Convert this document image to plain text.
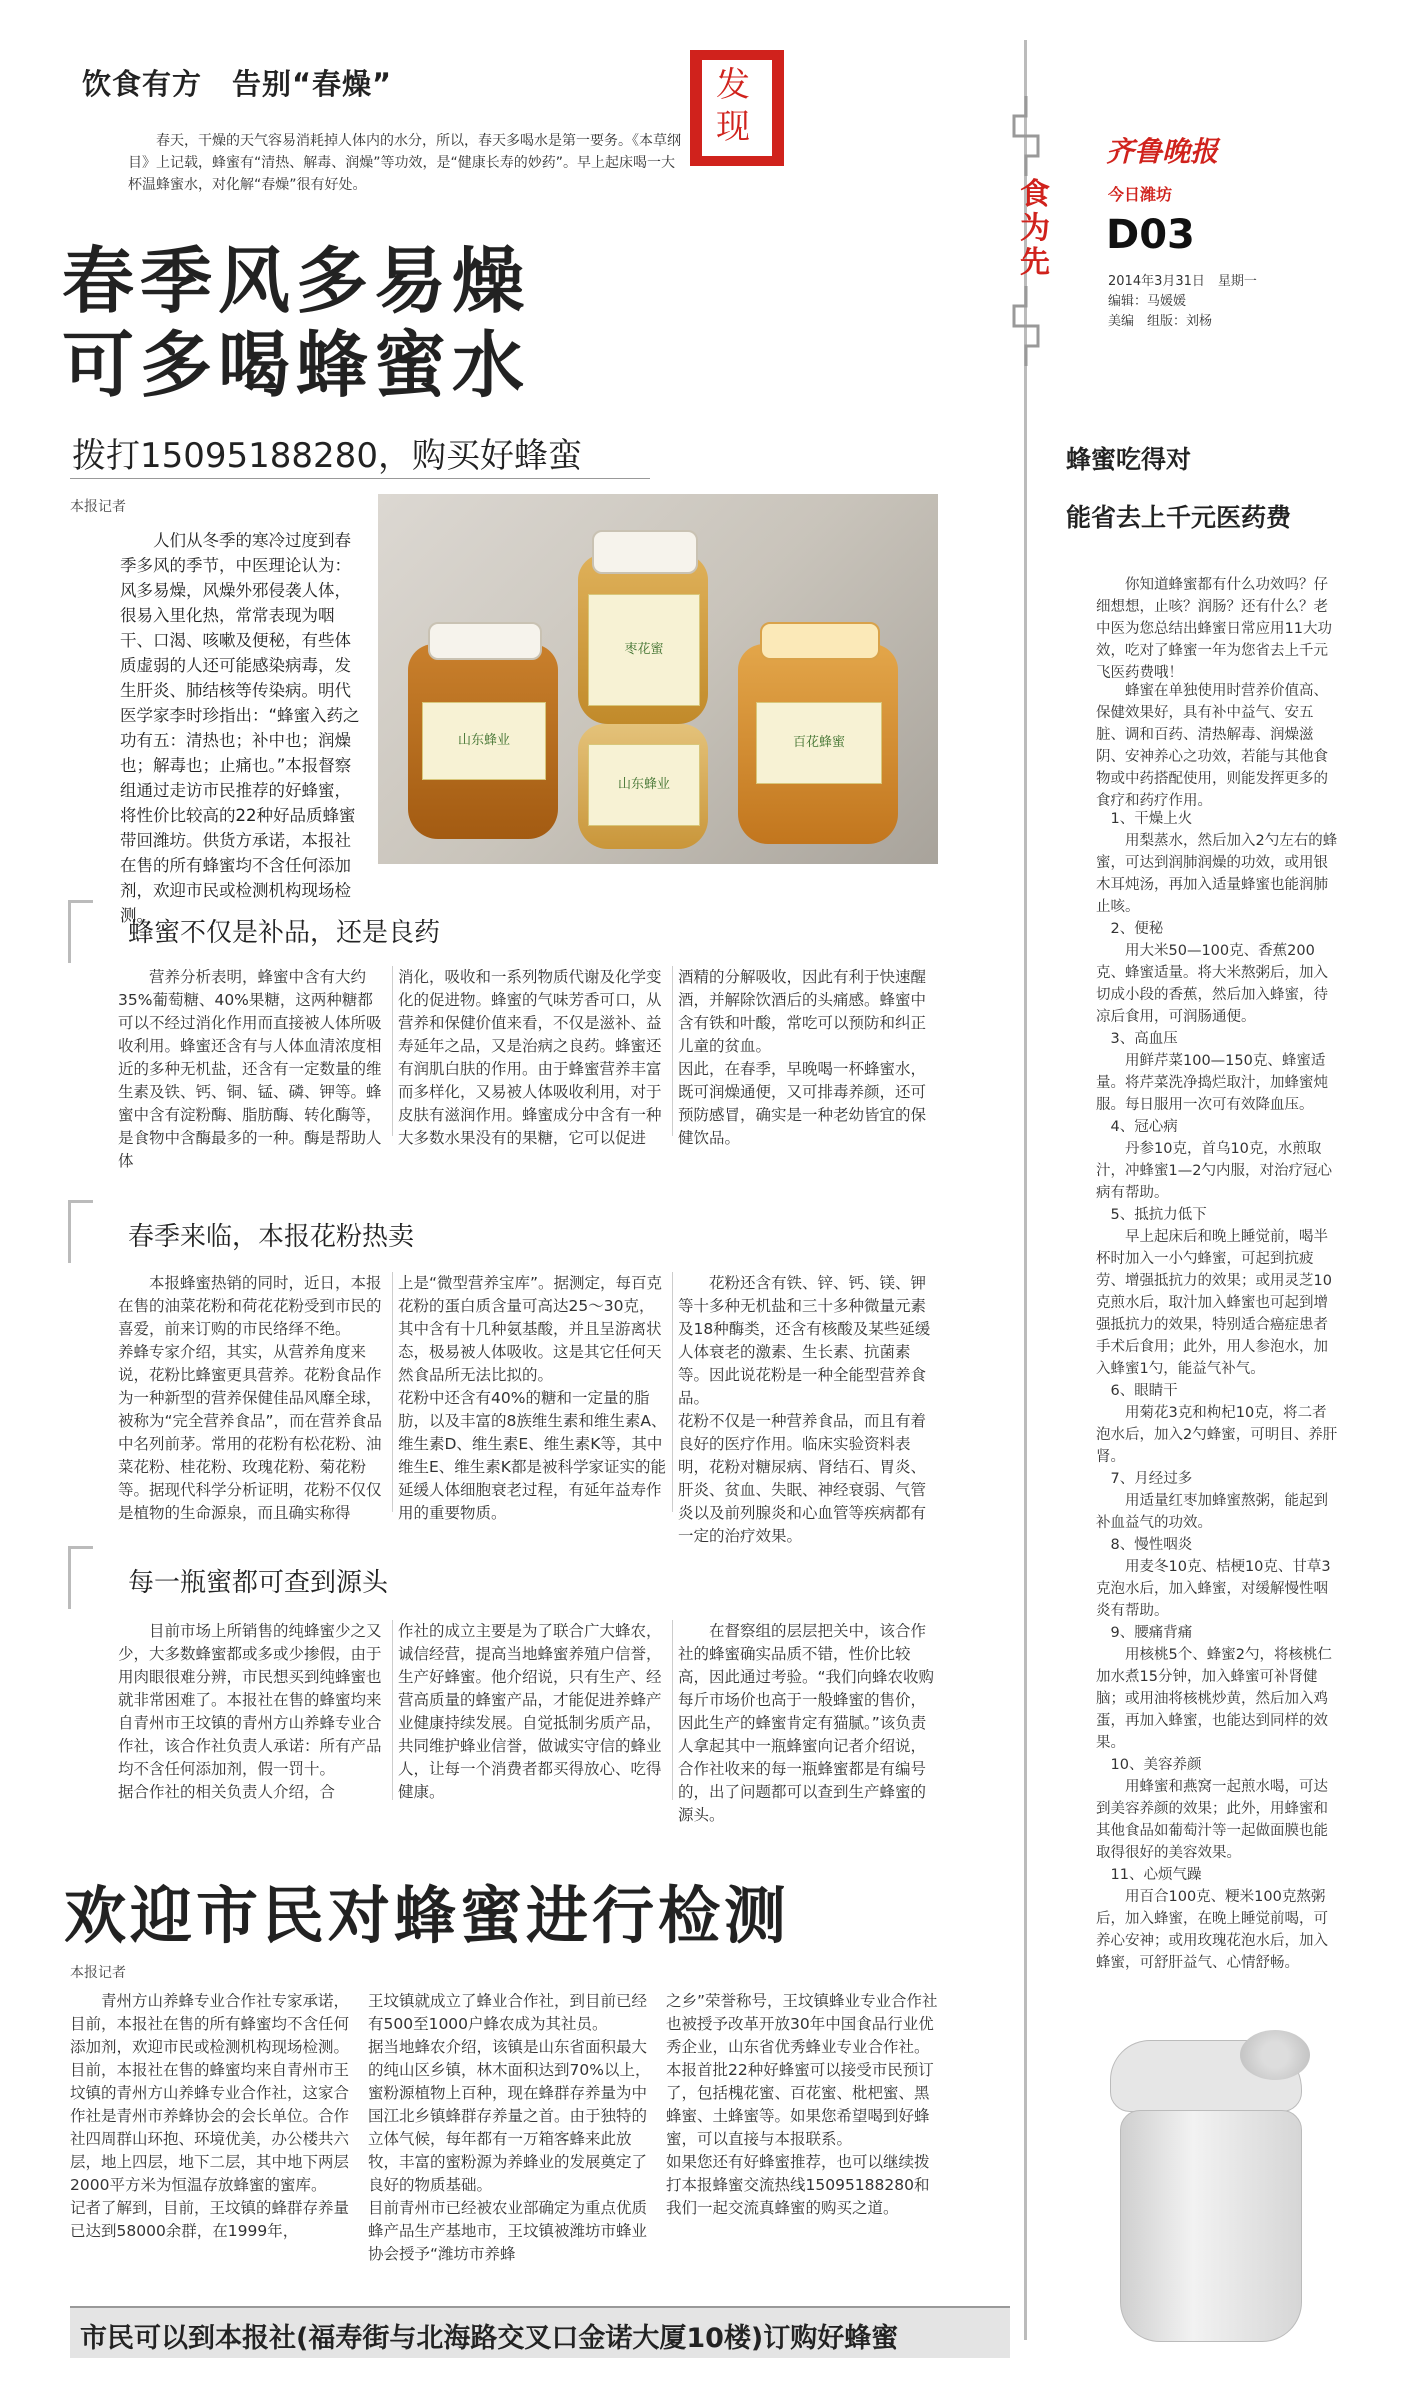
饮食有方　告别“春燥”
春天，干燥的天气容易消耗掉人体内的水分，所以，春天多喝水是第一要务。《本草纲目》上记载，蜂蜜有“清热、解毒、润燥”等功效，是“健康长寿的妙药”。早上起床喝一大杯温蜂蜜水，对化解“春燥”很有好处。
发现
春季风多易燥
可多喝蜂蜜水
拨打15095188280，购买好蜂蛮
本报记者

人们从冬季的寒冷过度到春季多风的季节，中医理论认为：风多易燥，风燥外邪侵袭人体，很易入里化热，常常表现为咽干、口渴、咳嗽及便秘，有些体质虚弱的人还可能感染病毒，发生肝炎、肺结核等传染病。明代医学家李时珍指出：“蜂蜜入药之功有五：清热也；补中也；润燥也；解毒也；止痛也。”本报督察组通过走访市民推荐的好蜂蜜，将性价比较高的22种好品质蜂蜜带回潍坊。供货方承诺，本报社在售的所有蜂蜜均不含任何添加剂，欢迎市民或检测机构现场检测。

山东蜂业
枣花蜜
山东蜂业
百花蜂蜜
蜂蜜不仅是补品，还是良药

营养分析表明，蜂蜜中含有大约35%葡萄糖、40%果糖，这两种糖都可以不经过消化作用而直接被人体所吸收利用。蜂蜜还含有与人体血清浓度相近的多种无机盐，还含有一定数量的维生素及铁、钙、铜、锰、磷、钾等。蜂蜜中含有淀粉酶、脂肪酶、转化酶等，是食物中含酶最多的一种。酶是帮助人体

消化，吸收和一系列物质代谢及化学变化的促进物。蜂蜜的气味芳香可口，从营养和保健价值来看，不仅是滋补、益寿延年之品，又是治病之良药。蜂蜜还有润肌白肤的作用。由于蜂蜜营养丰富而多样化，又易被人体吸收利用，对于皮肤有滋润作用。蜂蜜成分中含有一种大多数水果没有的果糖，它可以促进

酒精的分解吸收，因此有利于快速醒酒，并解除饮酒后的头痛感。蜂蜜中含有铁和叶酸，常吃可以预防和纠正儿童的贫血。
因此，在春季，早晚喝一杯蜂蜜水，既可润燥通便，又可排毒养颜，还可预防感冒，确实是一种老幼皆宜的保健饮品。

春季来临，本报花粉热卖

本报蜂蜜热销的同时，近日，本报在售的油菜花粉和荷花花粉受到市民的喜爱，前来订购的市民络绎不绝。
养蜂专家介绍，其实，从营养角度来说，花粉比蜂蜜更具营养。花粉食品作为一种新型的营养保健佳品风靡全球，被称为“完全营养食品”，而在营养食品中名列前茅。常用的花粉有松花粉、油菜花粉、桂花粉、玫瑰花粉、菊花粉等。据现代科学分析证明，花粉不仅仅是植物的生命源泉，而且确实称得

上是“微型营养宝库”。据测定，每百克花粉的蛋白质含量可高达25～30克，其中含有十几种氨基酸，并且呈游离状态，极易被人体吸收。这是其它任何天然食品所无法比拟的。
花粉中还含有40%的糖和一定量的脂肪，以及丰富的8族维生素和维生素A、维生素D、维生素E、维生素K等，其中维生E、维生素K都是被科学家证实的能延缓人体细胞衰老过程，有延年益寿作用的重要物质。

花粉还含有铁、锌、钙、镁、钾等十多种无机盐和三十多种微量元素及18种酶类，还含有核酸及某些延缓人体衰老的激素、生长素、抗菌素等。因此说花粉是一种全能型营养食品。
花粉不仅是一种营养食品，而且有着良好的医疗作用。临床实验资料表明，花粉对糖尿病、肾结石、胃炎、肝炎、贫血、失眠、神经衰弱、气管炎以及前列腺炎和心血管等疾病都有一定的治疗效果。

每一瓶蜜都可查到源头

目前市场上所销售的纯蜂蜜少之又少，大多数蜂蜜都或多或少掺假，由于用肉眼很难分辨，市民想买到纯蜂蜜也就非常困难了。本报社在售的蜂蜜均来自青州市王坟镇的青州方山养蜂专业合作社，该合作社负责人承诺：所有产品均不含任何添加剂，假一罚十。
据合作社的相关负责人介绍，合

作社的成立主要是为了联合广大蜂农，诚信经营，提高当地蜂蜜养殖户信誉，生产好蜂蜜。他介绍说，只有生产、经营高质量的蜂蜜产品，才能促进养蜂产业健康持续发展。自觉抵制劣质产品，共同维护蜂业信誉，做诚实守信的蜂业人，让每一个消费者都买得放心、吃得健康。

在督察组的层层把关中，该合作社的蜂蜜确实品质不错，性价比较高，因此通过考验。“我们向蜂农收购每斤市场价也高于一般蜂蜜的售价，因此生产的蜂蜜肯定有猫腻。”该负责人拿起其中一瓶蜂蜜向记者介绍说，合作社收来的每一瓶蜂蜜都是有编号的，出了问题都可以查到生产蜂蜜的源头。

欢迎市民对蜂蜜进行检测
本报记者

青州方山养蜂专业合作社专家承诺，目前，本报社在售的所有蜂蜜均不含任何添加剂，欢迎市民或检测机构现场检测。
目前，本报社在售的蜂蜜均来自青州市王坟镇的青州方山养蜂专业合作社，这家合作社是青州市养蜂协会的会长单位。合作社四周群山环抱、环境优美，办公楼共六层，地上四层，地下二层，其中地下两层2000平方米为恒温存放蜂蜜的蜜库。
记者了解到，目前，王坟镇的蜂群存养量已达到58000余群，在1999年，

王坟镇就成立了蜂业合作社，到目前已经有500至1000户蜂农成为其社员。
据当地蜂农介绍，该镇是山东省面积最大的纯山区乡镇，林木面积达到70%以上，蜜粉源植物上百种，现在蜂群存养量为中国江北乡镇蜂群存养量之首。由于独特的立体气候，每年都有一万箱客蜂来此放牧，丰富的蜜粉源为养蜂业的发展奠定了良好的物质基础。
目前青州市已经被农业部确定为重点优质蜂产品生产基地市，王坟镇被潍坊市蜂业协会授予“潍坊市养蜂

之乡”荣誉称号，王坟镇蜂业专业合作社也被授予改革开放30年中国食品行业优秀企业，山东省优秀蜂业专业合作社。
本报首批22种好蜂蜜可以接受市民预订了，包括槐花蜜、百花蜜、枇杷蜜、黑蜂蜜、土蜂蜜等。如果您希望喝到好蜂蜜，可以直接与本报联系。
如果您还有好蜂蜜推荐，也可以继续拨打本报蜂蜜交流热线15095188280和我们一起交流真蜂蜜的购买之道。

市民可以到本报社(福寿街与北海路交叉口金诺大厦10楼)订购好蜂蜜
食为先
齐鲁晚报
今日潍坊
D03
2014年3月31日　星期一
编辑：马媛媛
美编　组版：刘杨
蜂蜜吃得对
能省去上千元医药费
你知道蜂蜜都有什么功效吗？仔细想想，止咳？润肠？还有什么？老中医为您总结出蜂蜜日常应用11大功效，吃对了蜂蜜一年为您省去上千元飞医药费哦！
蜂蜜在单独使用时营养价值高、保健效果好，具有补中益气、安五脏、调和百药、清热解毒、润燥滋阴、安神养心之功效，若能与其他食物或中药搭配使用，则能发挥更多的食疗和药疗作用。
1、干燥上火
用梨蒸水，然后加入2勺左右的蜂蜜，可达到润肺润燥的功效，或用银木耳炖汤，再加入适量蜂蜜也能润肺止咳。
2、便秘
用大米50—100克、香蕉200克、蜂蜜适量。将大米熬粥后，加入切成小段的香蕉，然后加入蜂蜜，待凉后食用，可润肠通便。
3、高血压
用鲜芹菜100—150克、蜂蜜适量。将芹菜洗净捣烂取汁，加蜂蜜炖服。每日服用一次可有效降血压。
4、冠心病
丹参10克，首乌10克，水煎取汁，冲蜂蜜1—2勺内服，对治疗冠心病有帮助。
5、抵抗力低下
早上起床后和晚上睡觉前，喝半杯时加入一小勺蜂蜜，可起到抗疲劳、增强抵抗力的效果；或用灵芝10克煎水后，取汁加入蜂蜜也可起到增强抵抗力的效果，特别适合癌症患者手术后食用；此外，用人参泡水，加入蜂蜜1勺，能益气补气。
6、眼睛干
用菊花3克和枸杞10克，将二者泡水后，加入2勺蜂蜜，可明目、养肝肾。
7、月经过多
用适量红枣加蜂蜜熬粥，能起到补血益气的功效。
8、慢性咽炎
用麦冬10克、桔梗10克、甘草3克泡水后，加入蜂蜜，对缓解慢性咽炎有帮助。
9、腰痛背痛
用核桃5个、蜂蜜2勺，将核桃仁加水煮15分钟，加入蜂蜜可补肾健脑；或用油将核桃炒黄，然后加入鸡蛋，再加入蜂蜜，也能达到同样的效果。
10、美容养颜
用蜂蜜和燕窝一起煎水喝，可达到美容养颜的效果；此外，用蜂蜜和其他食品如葡萄汁等一起做面膜也能取得很好的美容效果。
11、心烦气躁
用百合100克、粳米100克熬粥后，加入蜂蜜，在晚上睡觉前喝，可养心安神；或用玫瑰花泡水后，加入蜂蜜，可舒肝益气、心情舒畅。
